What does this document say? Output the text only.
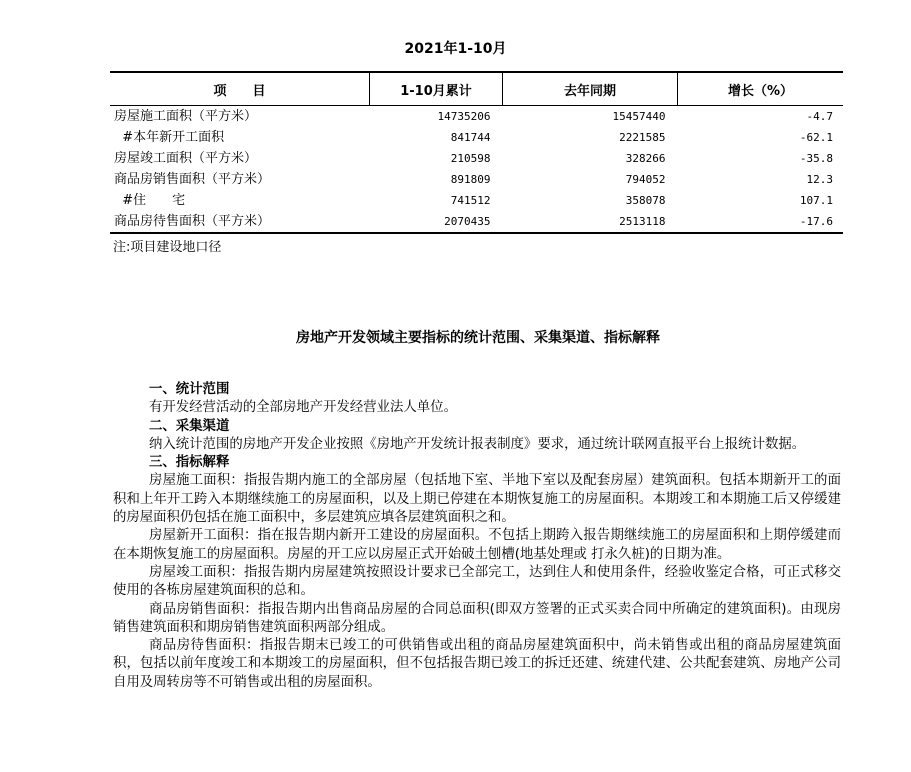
2021年1-10月
项　　目	1-10月累计	去年同期	增长（%）
房屋施工面积（平方米）	14735206	15457440	-4.7
#本年新开工面积	841744	2221585	-62.1
房屋竣工面积（平方米）	210598	328266	-35.8
商品房销售面积（平方米）	891809	794052	12.3
#住　　宅	741512	358078	107.1
商品房待售面积（平方米）	2070435	2513118	-17.6
注:项目建设地口径
房地产开发领域主要指标的统计范围、采集渠道、指标解释

一、统计范围

有开发经营活动的全部房地产开发经营业法人单位。

二、采集渠道

纳入统计范围的房地产开发企业按照《房地产开发统计报表制度》要求，通过统计联网直报平台上报统计数据。

三、指标解释

房屋施工面积：指报告期内施工的全部房屋（包括地下室、半地下室以及配套房屋）建筑面积。包括本期新开工的面积和上年开工跨入本期继续施工的房屋面积，以及上期已停建在本期恢复施工的房屋面积。本期竣工和本期施工后又停缓建的房屋面积仍包括在施工面积中，多层建筑应填各层建筑面积之和。

房屋新开工面积：指在报告期内新开工建设的房屋面积。不包括上期跨入报告期继续施工的房屋面积和上期停缓建而在本期恢复施工的房屋面积。房屋的开工应以房屋正式开始破土刨槽(地基处理或 打永久桩)的日期为准。

房屋竣工面积：指报告期内房屋建筑按照设计要求已全部完工，达到住人和使用条件，经验收鉴定合格，可正式移交使用的各栋房屋建筑面积的总和。

商品房销售面积：指报告期内出售商品房屋的合同总面积(即双方签署的正式买卖合同中所确定的建筑面积)。由现房销售建筑面积和期房销售建筑面积两部分组成。

商品房待售面积：指报告期末已竣工的可供销售或出租的商品房屋建筑面积中，尚未销售或出租的商品房屋建筑面积，包括以前年度竣工和本期竣工的房屋面积，但不包括报告期已竣工的拆迁还建、统建代建、公共配套建筑、房地产公司自用及周转房等不可销售或出租的房屋面积。
